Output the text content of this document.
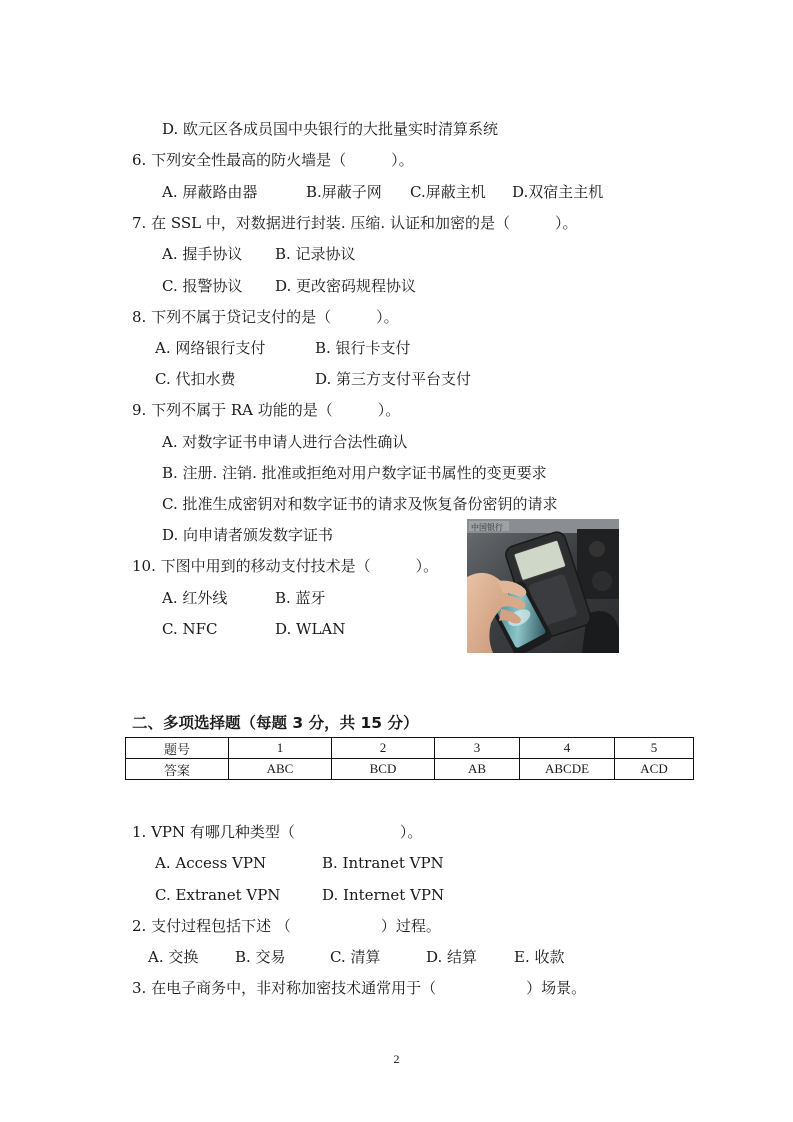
D. 欧元区各成员国中央银行的大批量实时清算系统
6. 下列安全性最高的防火墙是（　　　）。
A. 屏蔽路由器	B.屏蔽子网 C.屏蔽主机 D.双宿主主机
7. 在 SSL 中，对数据进行封装. 压缩. 认证和加密的是（　　　）。
A. 握手协议 B. 记录协议
C. 报警协议 D. 更改密码规程协议
8. 下列不属于贷记支付的是（　　　）。
A. 网络银行支付	B. 银行卡支付
C. 代扣水费	D. 第三方支付平台支付
9. 下列不属于 RA 功能的是（　　　）。
A. 对数字证书申请人进行合法性确认
B. 注册. 注销. 批准或拒绝对用户数字证书属性的变更要求
C. 批准生成密钥对和数字证书的请求及恢复备份密钥的请求
D. 向申请者颁发数字证书
10. 下图中用到的移动支付技术是（　　　）。
A. 红外线	B. 蓝牙
C. NFC	D. WLAN
中国银行
二、多项选择题（每题 3 分，共 15 分）
题号	1	2	3	4	5
答案	ABC	BCD	AB	ABCDE	ACD
1. VPN 有哪几种类型（　　　　　　　）。
A. Access VPN	B. Intranet VPN
C. Extranet VPN	D. Internet VPN
2. 支付过程包括下述 （　　　　　　）过程。
A. 交换 B. 交易	C. 清算	D. 结算 E. 收款
3. 在电子商务中，非对称加密技术通常用于（　　　　　　）场景。
2
